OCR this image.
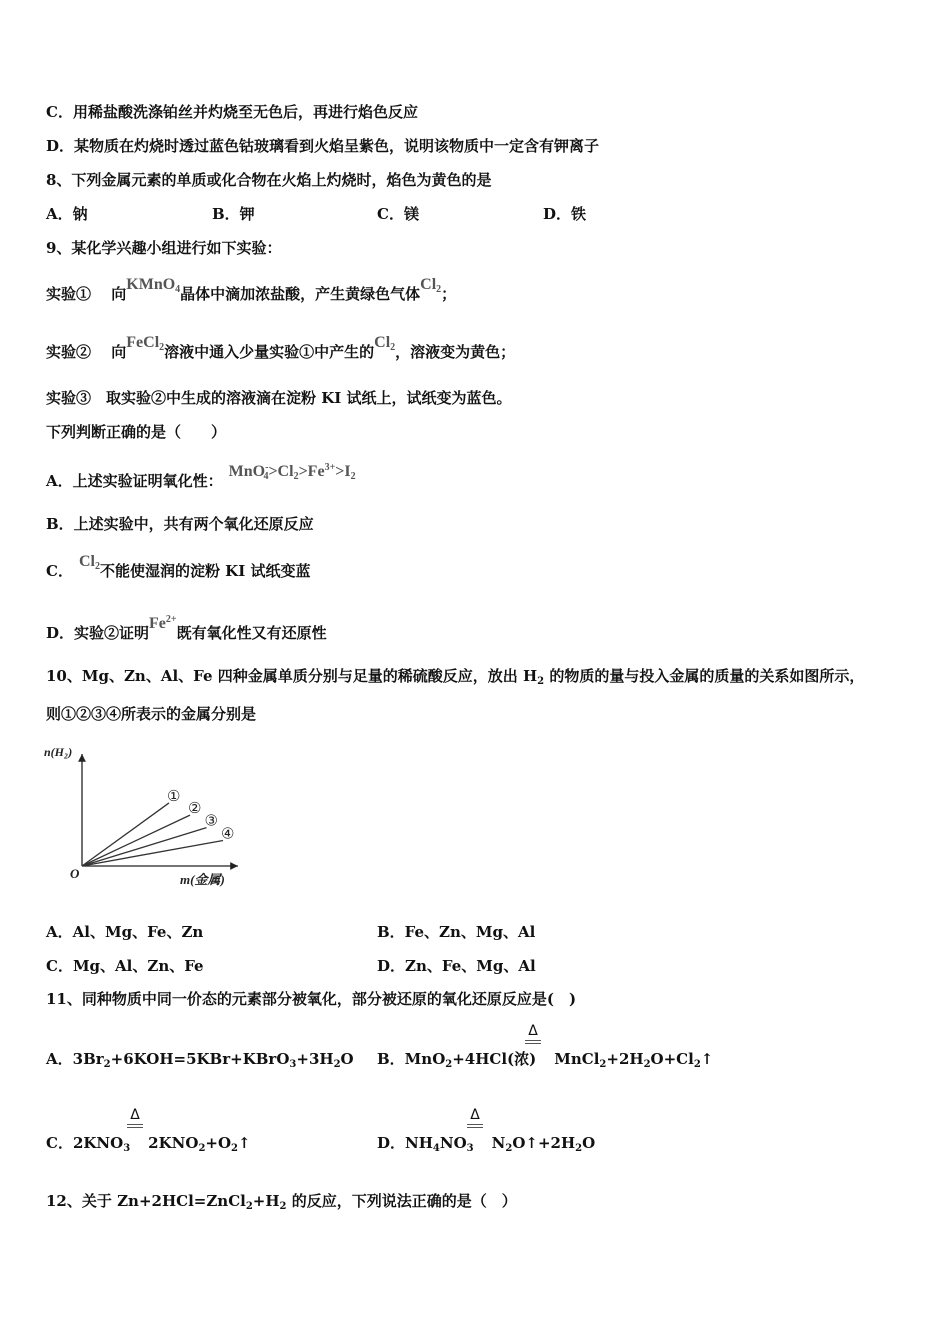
C．用稀盐酸洗涤铂丝并灼烧至无色后，再进行焰色反应
D．某物质在灼烧时透过蓝色钴玻璃看到火焰呈紫色，说明该物质中一定含有钾离子
8、下列金属元素的单质或化合物在火焰上灼烧时，焰色为黄色的是
A．钠	B．钾	C．镁	D．铁
9、某化学兴趣小组进行如下实验：
实验①　 向KMnO$_4$晶体中滴加浓盐酸，产生黄绿色气体$Cl_2$；
实验②　 向FeCl$_2$溶液中通入少量实验①中产生的$Cl_2$，溶液变为黄色；
实验③　取实验②中生成的溶液滴在淀粉 KI 试纸上，试纸变为蓝色。
下列判断正确的是（　　）
A．上述实验证明氧化性：$MnO^-_4>Cl_2>Fe^{3+}>I_2$
B．上述实验中，共有两个氧化还原反应
C．$Cl_2$不能使湿润的淀粉 KI 试纸变蓝
D．实验②证明$Fe^{2+}$既有氧化性又有还原性
10、Mg、Zn、Al、Fe 四种金属单质分别与足量的稀硫酸反应，放出 $H_2$ 的物质的量与投入金属的质量的关系如图所示，
则①②③④所表示的金属分别是
n(H₂)
m(金属)
O
①
②
③
④
A．Al、Mg、Fe、Zn	B．Fe、Zn、Mg、Al
C．Mg、Al、Zn、Fe	D．Zn、Fe、Mg、Al
11、同种物质中同一价态的元素部分被氧化，部分被还原的氧化还原反应是(　)
A．$3Br_2+6KOH=5KBr+KBrO_3+3H_2O$ B．MnO$_2$+4HCl(浓) $MnCl_2+2H_2O+Cl_2↑$
Δ
C．$2KNO_3$ $2KNO_2+O_2↑$
Δ
D．$NH_4NO_3$ $N_2O↑+2H_2O$
Δ
12、关于 $Zn+2HCl=ZnCl_2+H_2$ 的反应，下列说法正确的是（　）
